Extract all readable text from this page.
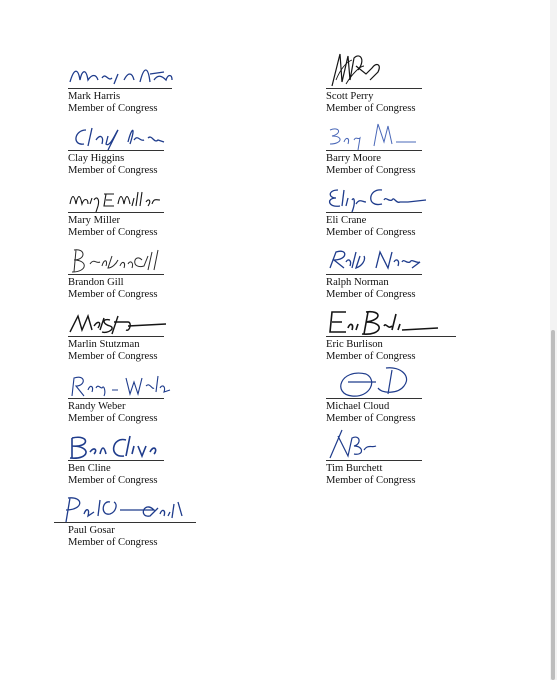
Mark Harris
Member of Congress
Clay Higgins
Member of Congress
Mary Miller
Member of Congress
Brandon Gill
Member of Congress
Marlin Stutzman
Member of Congress
Randy Weber
Member of Congress
Ben Cline
Member of Congress
Paul Gosar
Member of Congress
Scott Perry
Member of Congress
Barry Moore
Member of Congress
Eli Crane
Member of Congress
Ralph Norman
Member of Congress
Eric Burlison
Member of Congress
Michael Cloud
Member of Congress
Tim Burchett
Member of Congress
